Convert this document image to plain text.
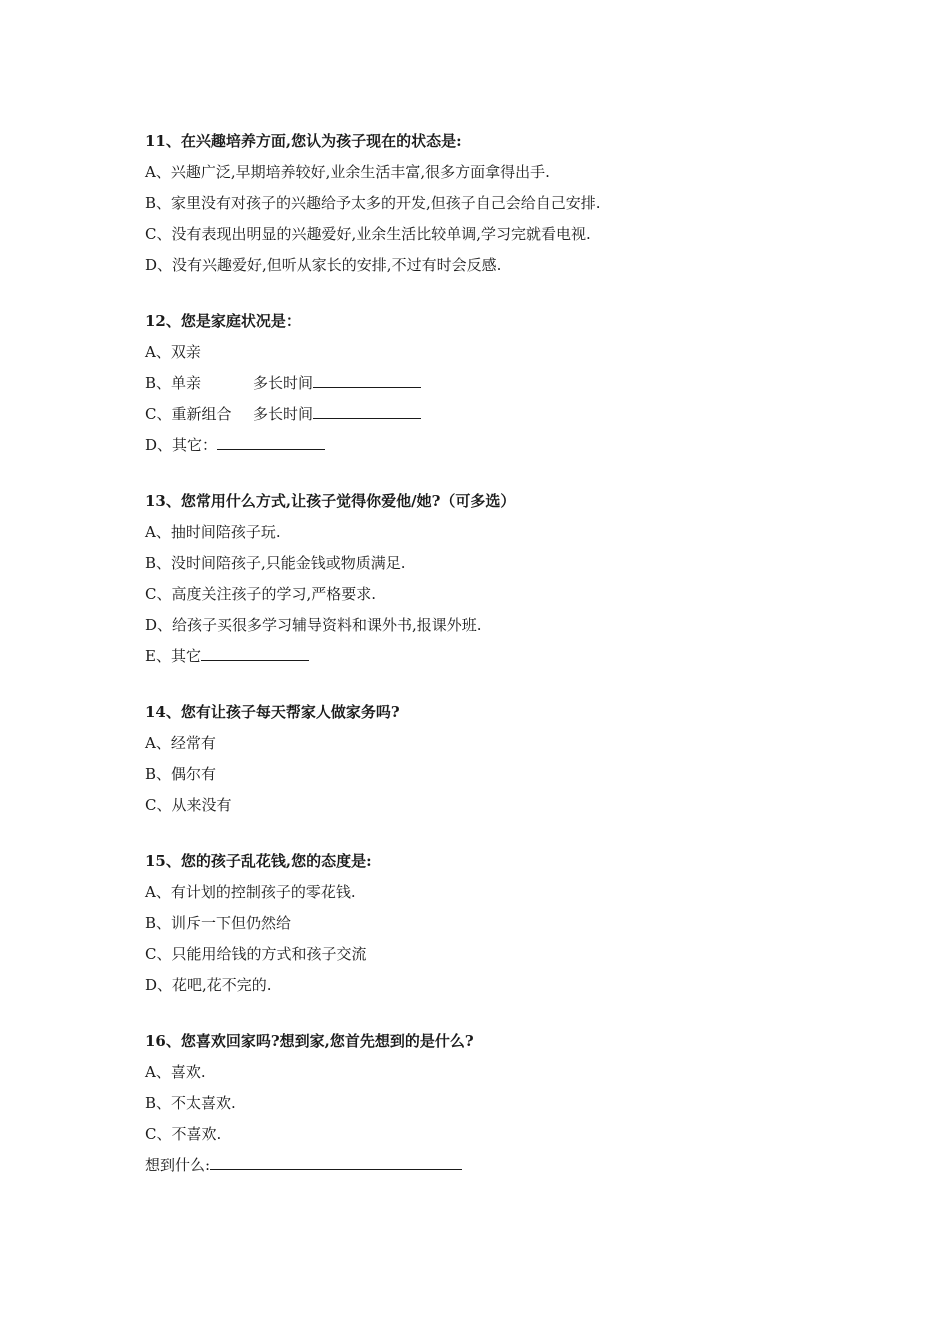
11、在兴趣培养方面,您认为孩子现在的状态是:
A、兴趣广泛,早期培养较好,业余生活丰富,很多方面拿得出手.
B、家里没有对孩子的兴趣给予太多的开发,但孩子自己会给自己安排.
C、没有表现出明显的兴趣爱好,业余生活比较单调,学习完就看电视.
D、没有兴趣爱好,但听从家长的安排,不过有时会反感.
12、您是家庭状况是：
A、双亲
B、单亲	多长时间
C、重新组合 多长时间
D、其它：
13、您常用什么方式,让孩子觉得你爱他/她?（可多选）
A、抽时间陪孩子玩.
B、没时间陪孩子,只能金钱或物质满足.
C、高度关注孩子的学习,严格要求.
D、给孩子买很多学习辅导资料和课外书,报课外班.
E、其它
14、您有让孩子每天帮家人做家务吗?
A、经常有
B、偶尔有
C、从来没有
15、您的孩子乱花钱,您的态度是:
A、有计划的控制孩子的零花钱.
B、训斥一下但仍然给
C、只能用给钱的方式和孩子交流
D、花吧,花不完的.
16、您喜欢回家吗?想到家,您首先想到的是什么?
A、喜欢.
B、不太喜欢.
C、不喜欢.
想到什么:
